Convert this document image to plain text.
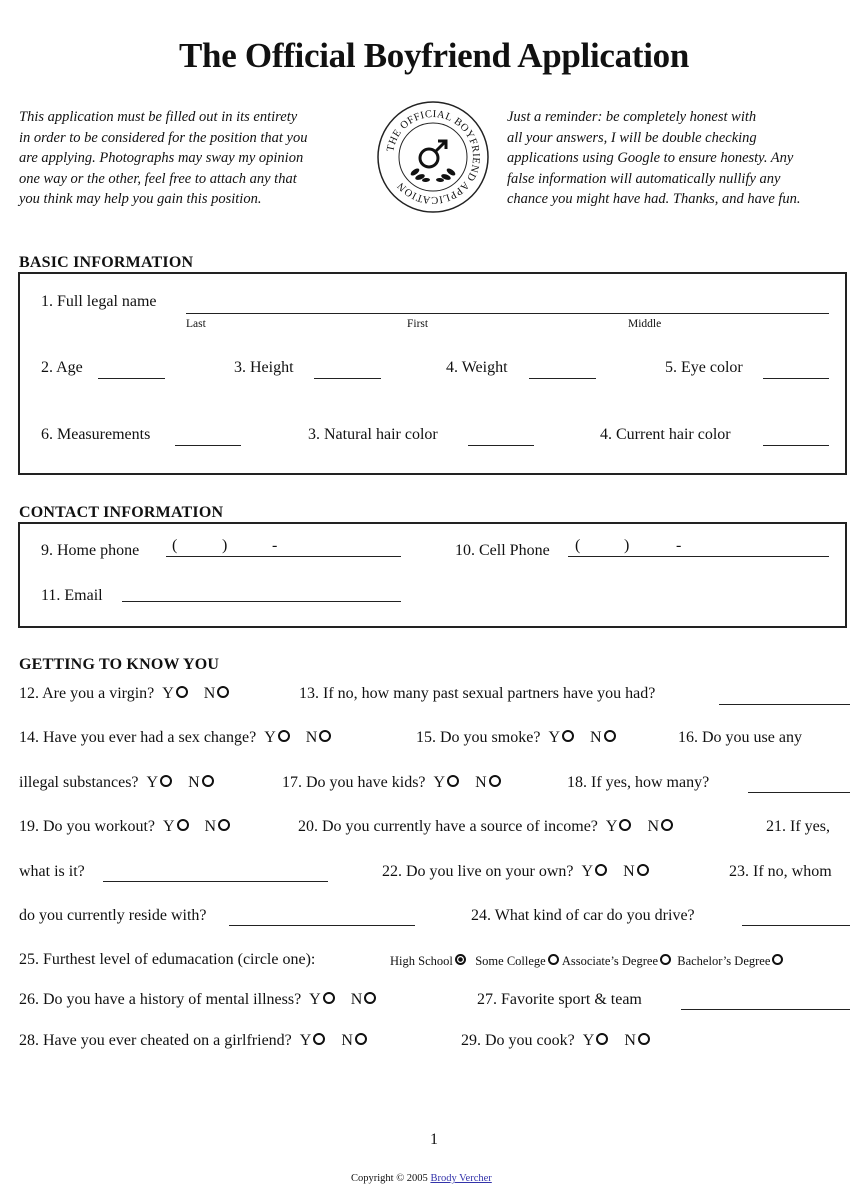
The Official Boyfriend Application
This application must be filled out in its entirety
in order to be considered for the position that you
are applying. Photographs may sway my opinion
one way or the other, feel free to attach any that
you think may help you gain this position.
THE OFFICIAL BOYFRIEND APPLICATION
Just a reminder: be completely honest with
all your answers, I will be double checking
applications using Google to ensure honesty. Any
false information will automatically nullify any
chance you might have had. Thanks, and have fun.
BASIC INFORMATION
1. Full legal name
Last	First	Middle
2. Age	3. Height	4. Weight	5. Eye color
6. Measurements	3. Natural hair color	4. Current hair color
CONTACT INFORMATION
9. Home phone (	)	-	10. Cell Phone (	)	-
11. Email
GETTING TO KNOW YOU
12. Are you a virgin? Y N	13. If no, how many past sexual partners have you had?
14. Have you ever had a sex change? Y N	15. Do you smoke? Y N	16. Do you use any
illegal substances? Y N	17. Do you have kids? Y N	18. If yes, how many?
19. Do you workout? Y N	20. Do you currently have a source of income? Y N	21. If yes,
what is it?	22. Do you live on your own? Y N	23. If no, whom
do you currently reside with?	24. What kind of car do you drive?
25. Furthest level of edumacation (circle one):	High School Some College Associate’s Degree Bachelor’s Degree
26. Do you have a history of mental illness? Y N	27. Favorite sport & team
28. Have you ever cheated on a girlfriend? Y N	29. Do you cook? Y N
1
Copyright © 2005 Brody Vercher
